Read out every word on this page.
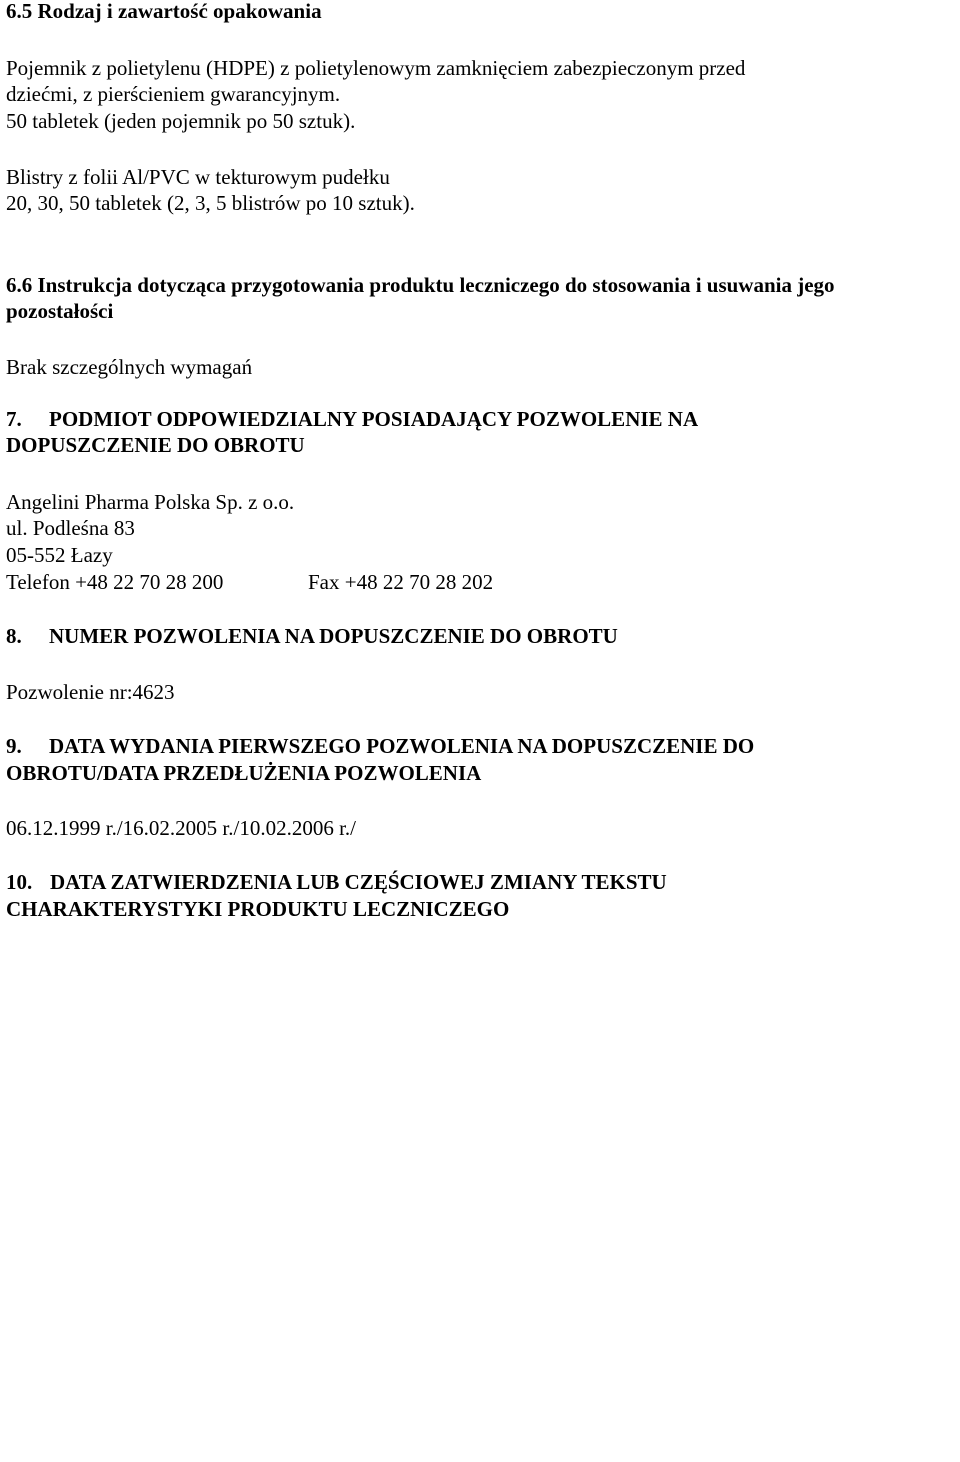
6.5 Rodzaj i zawartość opakowania
Pojemnik z polietylenu (HDPE) z polietylenowym zamknięciem zabezpieczonym przed
dziećmi, z pierścieniem gwarancyjnym.
50 tabletek (jeden pojemnik po 50 sztuk).
Blistry z folii Al/PVC w tekturowym pudełku
20, 30, 50 tabletek (2, 3, 5 blistrów po 10 sztuk).
6.6 Instrukcja dotycząca przygotowania produktu leczniczego do stosowania i usuwania jego
pozostałości
Brak szczególnych wymagań
7. PODMIOT ODPOWIEDZIALNY POSIADAJĄCY POZWOLENIE NA
DOPUSZCZENIE DO OBROTU
Angelini Pharma Polska Sp. z o.o.
ul. Podleśna 83
05-552 Łazy
Telefon +48 22 70 28 200	Fax +48 22 70 28 202
8. NUMER POZWOLENIA NA DOPUSZCZENIE DO OBROTU
Pozwolenie nr:4623
9. DATA WYDANIA PIERWSZEGO POZWOLENIA NA DOPUSZCZENIE DO
OBROTU/DATA PRZEDŁUŻENIA POZWOLENIA
06.12.1999 r./16.02.2005 r./10.02.2006 r./
10. DATA ZATWIERDZENIA LUB CZĘŚCIOWEJ ZMIANY TEKSTU
CHARAKTERYSTYKI PRODUKTU LECZNICZEGO
